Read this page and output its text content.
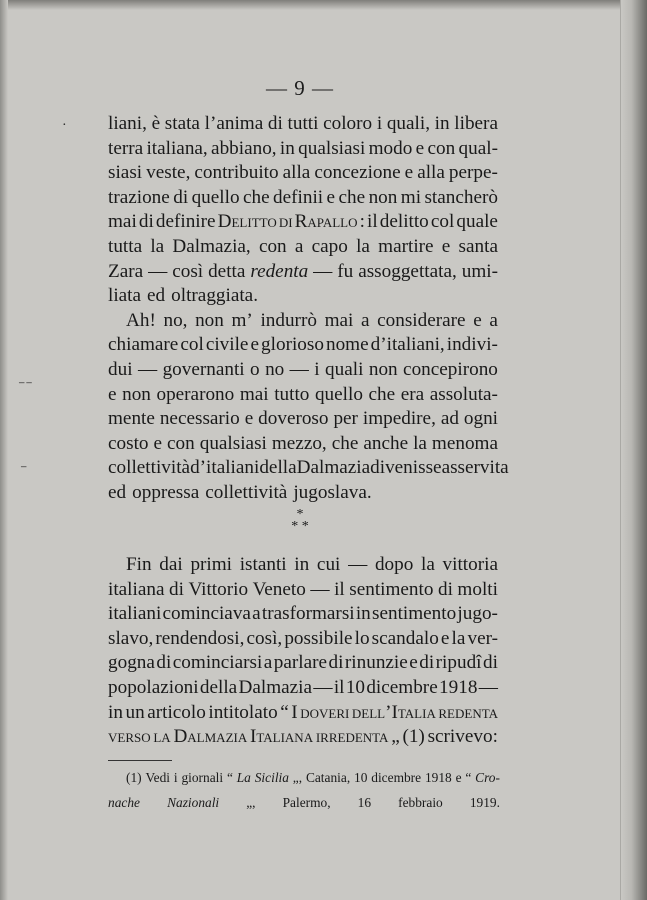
— 9 —
liani, è stata l’anima di tutti coloro i quali, in libera
terra italiana, abbiano, in qualsiasi modo e con qual-
siasi veste, contribuito alla concezione e alla perpe-
trazione di quello che definii e che non mi stancherò
mai di definire Delitto di Rapallo : il delitto col quale
tutta la Dalmazia, con a capo la martire e santa
Zara — così detta redenta — fu assoggettata, umi-
liata ed oltraggiata.
Ah! no, non m’ indurrò mai a considerare e a
chiamare col civile e glorioso nome d’italiani, indivi-
dui — governanti o no — i quali non concepirono
e non operarono mai tutto quello che era assoluta-
mente necessario e doveroso per impedire, ad ogni
costo e con qualsiasi mezzo, che anche la menoma
collettività d’ italiani della Dalmazia divenisse asservita
ed oppressa collettività jugoslava.
*
* *
Fin dai primi istanti in cui — dopo la vittoria
italiana di Vittorio Veneto — il sentimento di molti
italiani cominciava a trasformarsi in sentimento jugo-
slavo, rendendosi, così, possibile lo scandalo e la ver-
gogna di cominciarsi a parlare di rinunzie e di ripudî di
popolazioni della Dalmazia — il 10 dicembre 1918 —
in un articolo intitolato “ I doveri dell’Italia redenta
verso la Dalmazia Italiana irredenta „ (1) scrivevo:
(1) Vedi i giornali “ La Sicilia „, Catania, 10 dicembre 1918 e “ Cro-
nache Nazionali „, Palermo, 16 febbraio 1919.
⁻⁻
⁻
·
